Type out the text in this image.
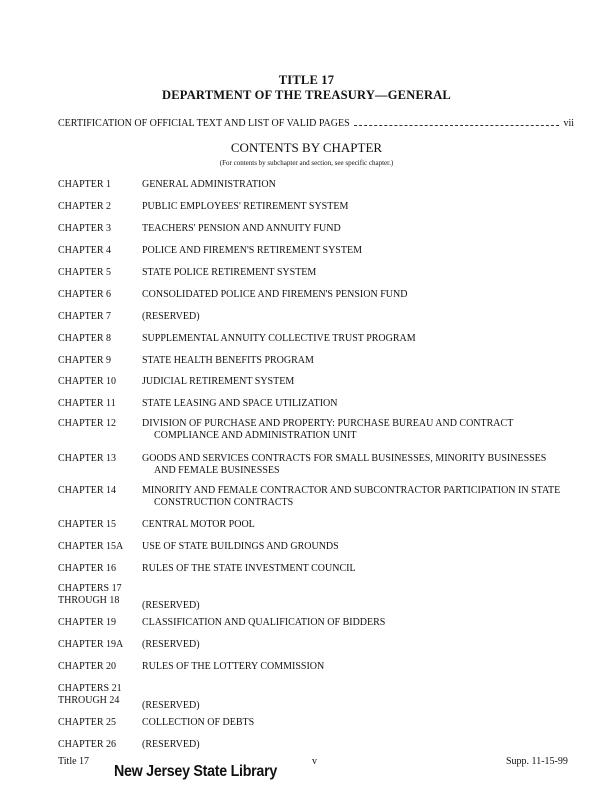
TITLE 17
DEPARTMENT OF THE TREASURY—GENERAL
CERTIFICATION OF OFFICIAL TEXT AND LIST OF VALID PAGES	vii
CONTENTS BY CHAPTER
(For contents by subchapter and section, see specific chapter.)
CHAPTER 1	GENERAL ADMINISTRATION
CHAPTER 2	PUBLIC EMPLOYEES' RETIREMENT SYSTEM
CHAPTER 3	TEACHERS' PENSION AND ANNUITY FUND
CHAPTER 4	POLICE AND FIREMEN'S RETIREMENT SYSTEM
CHAPTER 5	STATE POLICE RETIREMENT SYSTEM
CHAPTER 6	CONSOLIDATED POLICE AND FIREMEN'S PENSION FUND
CHAPTER 7	(RESERVED)
CHAPTER 8	SUPPLEMENTAL ANNUITY COLLECTIVE TRUST PROGRAM
CHAPTER 9	STATE HEALTH BENEFITS PROGRAM
CHAPTER 10	JUDICIAL RETIREMENT SYSTEM
CHAPTER 11	STATE LEASING AND SPACE UTILIZATION
CHAPTER 12	DIVISION OF PURCHASE AND PROPERTY: PURCHASE BUREAU AND CONTRACT
COMPLIANCE AND ADMINISTRATION UNIT
CHAPTER 13	GOODS AND SERVICES CONTRACTS FOR SMALL BUSINESSES, MINORITY BUSINESSES
AND FEMALE BUSINESSES
CHAPTER 14	MINORITY AND FEMALE CONTRACTOR AND SUBCONTRACTOR PARTICIPATION IN STATE
CONSTRUCTION CONTRACTS
CHAPTER 15	CENTRAL MOTOR POOL
CHAPTER 15A	USE OF STATE BUILDINGS AND GROUNDS
CHAPTER 16	RULES OF THE STATE INVESTMENT COUNCIL
CHAPTERS 17
THROUGH 18	(RESERVED)
CHAPTER 19	CLASSIFICATION AND QUALIFICATION OF BIDDERS
CHAPTER 19A	(RESERVED)
CHAPTER 20	RULES OF THE LOTTERY COMMISSION
CHAPTERS 21
THROUGH 24	(RESERVED)
CHAPTER 25	COLLECTION OF DEBTS
CHAPTER 26	(RESERVED)
Title 17	v	Supp. 11-15-99
New Jersey State Library
